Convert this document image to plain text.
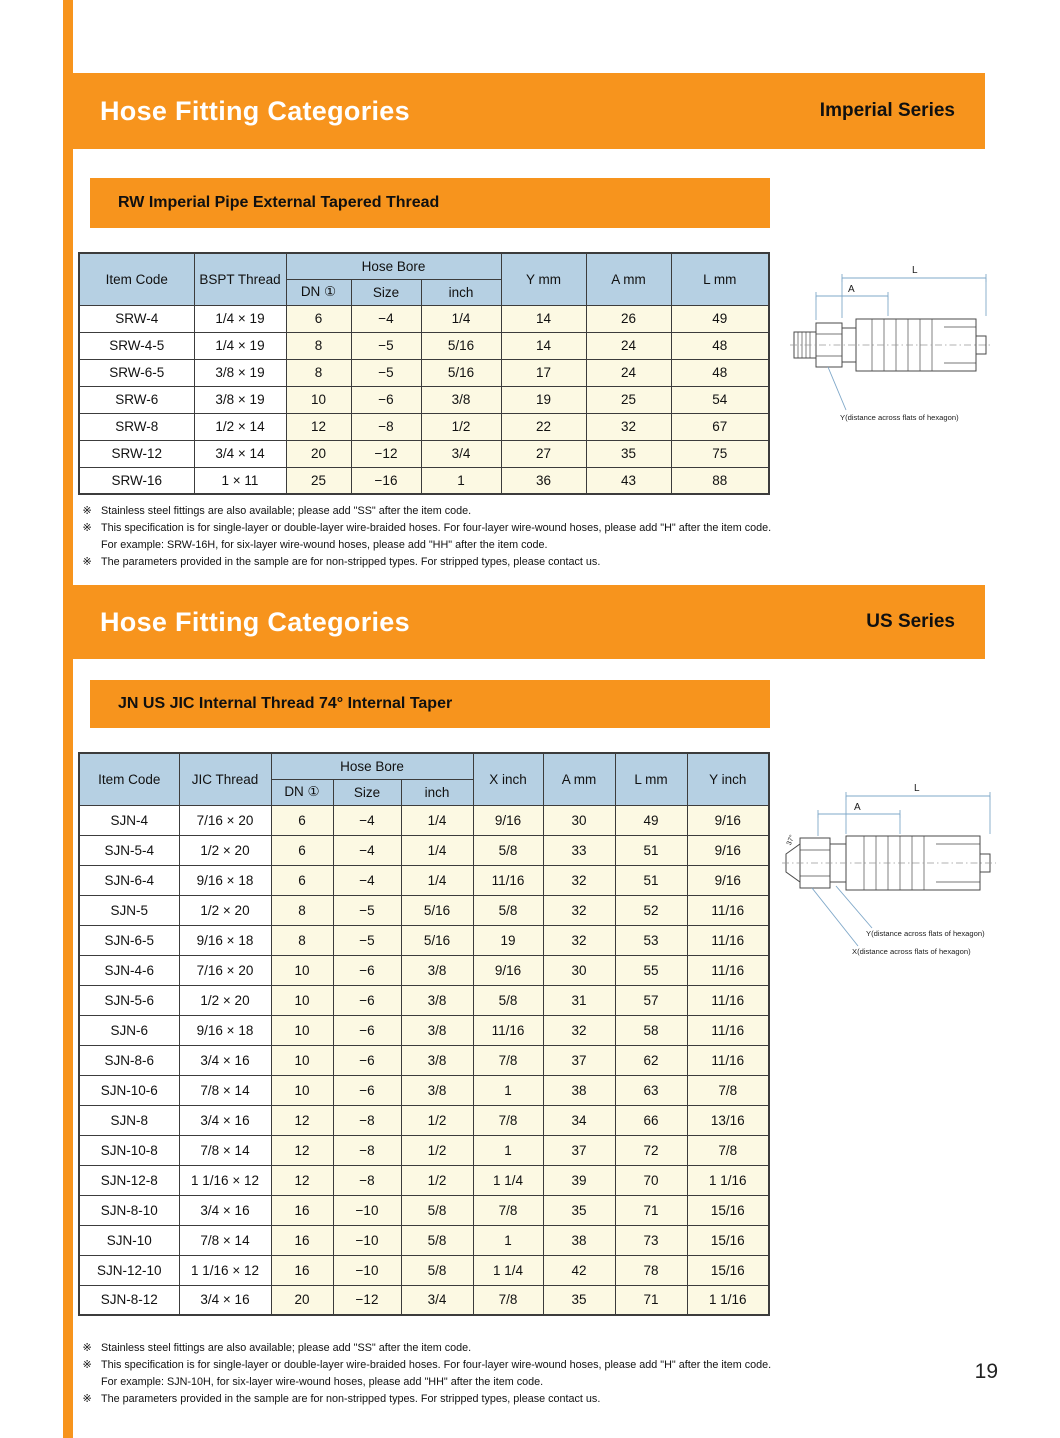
Hose Fitting Categories	Imperial Series
RW Imperial Pipe External Tapered Thread
Item Code	BSPT Thread	Hose Bore			Y mm	A mm	L mm
		DN ①	Size	inch			
SRW-4	1/4 × 19	6	−4	1/4	14	26	49
SRW-4-5	1/4 × 19	8	−5	5/16	14	24	48
SRW-6-5	3/8 × 19	8	−5	5/16	17	24	48
SRW-6	3/8 × 19	10	−6	3/8	19	25	54
SRW-8	1/2 × 14	12	−8	1/2	22	32	67
SRW-12	3/4 × 14	20	−12	3/4	27	35	75
SRW-16	1 × 11	25	−16	1	36	43	88
※ Stainless steel fittings are also available; please add "SS" after the item code.
※ This specification is for single-layer or double-layer wire-braided hoses. For four-layer wire-wound hoses, please add "H" after the item code.
For example: SRW-16H, for six-layer wire-wound hoses, please add "HH" after the item code.
※ The parameters provided in the sample are for non-stripped types. For stripped types, please contact us.
L
A
Y(distance across flats of hexagon)
Hose Fitting Categories	US Series
JN US JIC Internal Thread 74° Internal Taper
Item Code	JIC Thread	Hose Bore			X inch	A mm	L mm	Y inch
		DN ①	Size	inch				
SJN-4	7/16 × 20	6	−4	1/4	9/16	30	49	9/16
SJN-5-4	1/2 × 20	6	−4	1/4	5/8	33	51	9/16
SJN-6-4	9/16 × 18	6	−4	1/4	11/16	32	51	9/16
SJN-5	1/2 × 20	8	−5	5/16	5/8	32	52	11/16
SJN-6-5	9/16 × 18	8	−5	5/16	19	32	53	11/16
SJN-4-6	7/16 × 20	10	−6	3/8	9/16	30	55	11/16
SJN-5-6	1/2 × 20	10	−6	3/8	5/8	31	57	11/16
SJN-6	9/16 × 18	10	−6	3/8	11/16	32	58	11/16
SJN-8-6	3/4 × 16	10	−6	3/8	7/8	37	62	11/16
SJN-10-6	7/8 × 14	10	−6	3/8	1	38	63	7/8
SJN-8	3/4 × 16	12	−8	1/2	7/8	34	66	13/16
SJN-10-8	7/8 × 14	12	−8	1/2	1	37	72	7/8
SJN-12-8	1 1/16 × 12	12	−8	1/2	1 1/4	39	70	1 1/16
SJN-8-10	3/4 × 16	16	−10	5/8	7/8	35	71	15/16
SJN-10	7/8 × 14	16	−10	5/8	1	38	73	15/16
SJN-12-10	1 1/16 × 12	16	−10	5/8	1 1/4	42	78	15/16
SJN-8-12	3/4 × 16	20	−12	3/4	7/8	35	71	1 1/16
※ Stainless steel fittings are also available; please add "SS" after the item code.
※ This specification is for single-layer or double-layer wire-braided hoses. For four-layer wire-wound hoses, please add "H" after the item code.
For example: SJN-10H, for six-layer wire-wound hoses, please add "HH" after the item code.
※ The parameters provided in the sample are for non-stripped types. For stripped types, please contact us.
L
A
37°
Y(distance across flats of hexagon)
X(distance across flats of hexagon)
19
